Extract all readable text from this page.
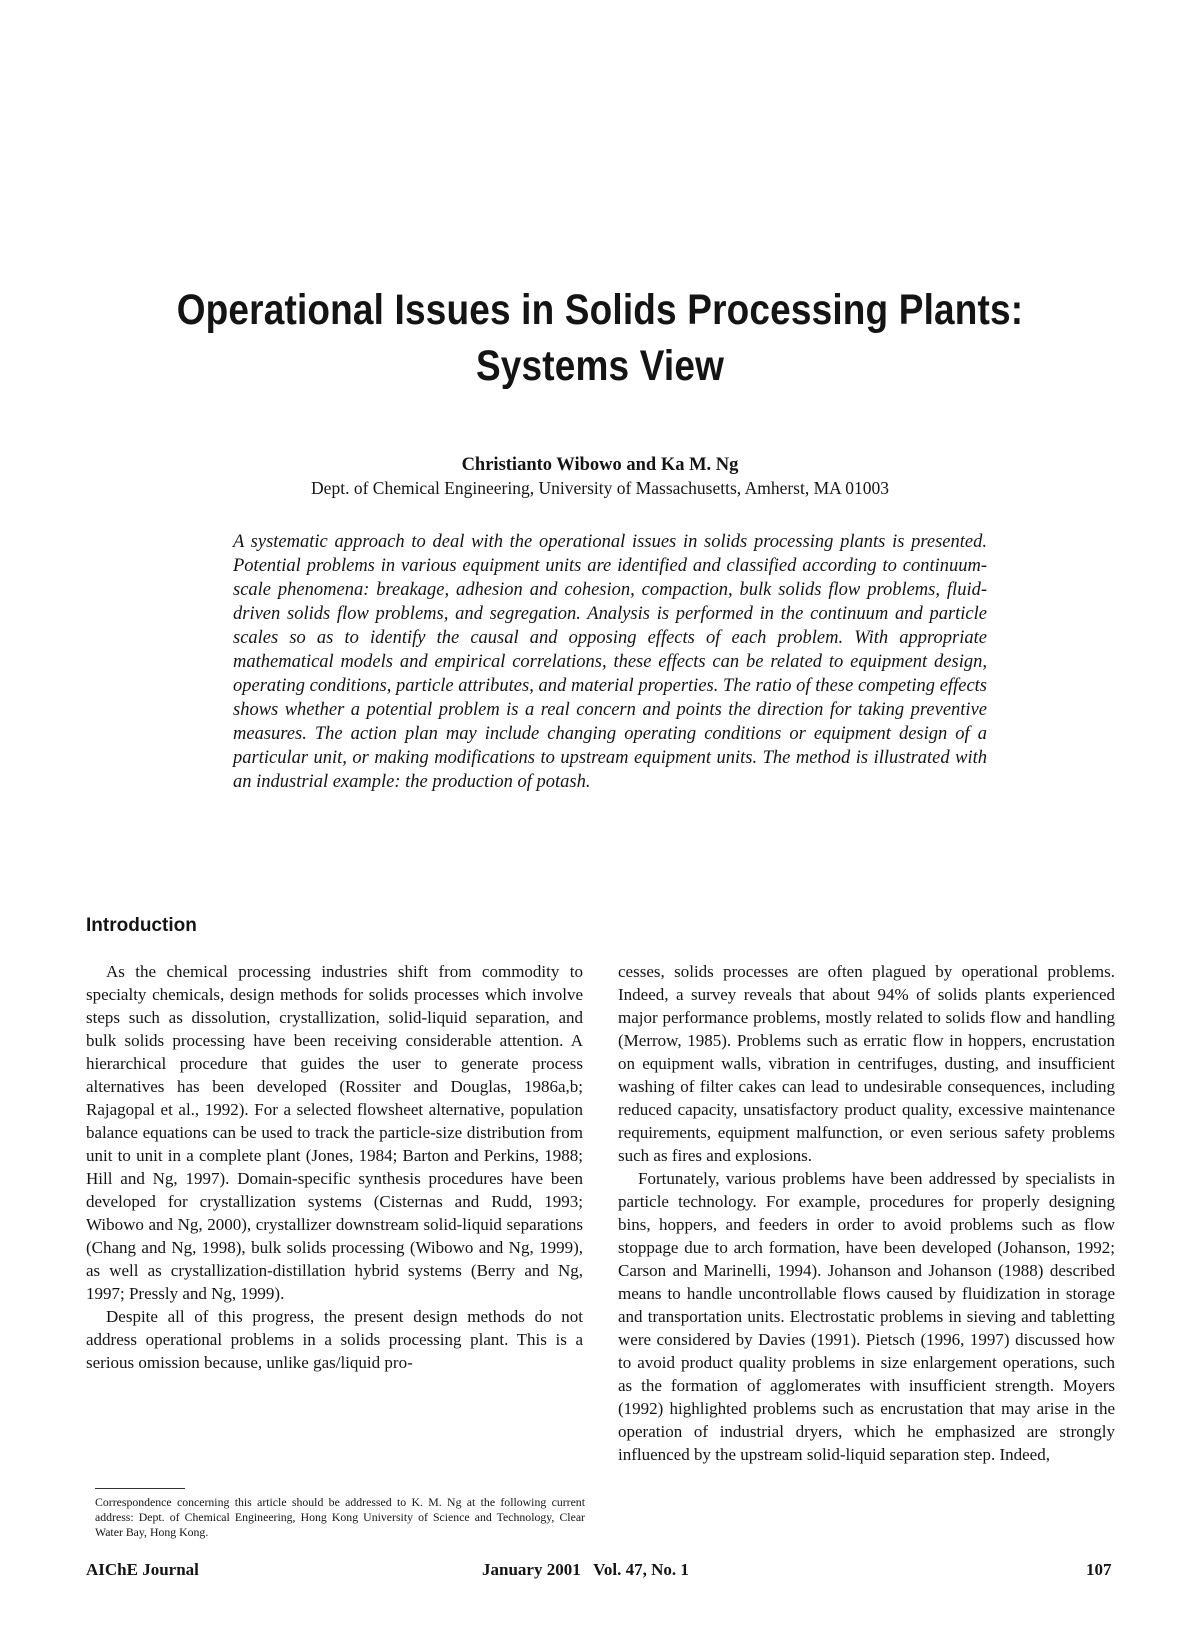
Operational Issues in Solids Processing Plants:
Systems View
Christianto Wibowo and Ka M. Ng
Dept. of Chemical Engineering, University of Massachusetts, Amherst, MA 01003
A systematic approach to deal with the operational issues in solids processing plants is presented. Potential problems in various equipment units are identified and classified according to continuum-scale phenomena: breakage, adhesion and cohesion, compaction, bulk solids flow problems, fluid-driven solids flow problems, and segregation. Analysis is performed in the continuum and particle scales so as to identify the causal and opposing effects of each problem. With appropriate mathematical models and empirical correlations, these effects can be related to equipment design, operating conditions, particle attributes, and material properties. The ratio of these competing effects shows whether a potential problem is a real concern and points the direction for taking preventive measures. The action plan may include changing operating conditions or equipment design of a particular unit, or making modifications to upstream equipment units. The method is illustrated with an industrial example: the production of potash.
Introduction

As the chemical processing industries shift from commodity to specialty chemicals, design methods for solids processes which involve steps such as dissolution, crystallization, solid-liquid separation, and bulk solids processing have been receiving considerable attention. A hierarchical procedure that guides the user to generate process alternatives has been developed (Rossiter and Douglas, 1986a,b; Rajagopal et al., 1992). For a selected flowsheet alternative, population balance equations can be used to track the particle-size distribution from unit to unit in a complete plant (Jones, 1984; Barton and Perkins, 1988; Hill and Ng, 1997). Domain-specific synthesis procedures have been developed for crystallization systems (Cisternas and Rudd, 1993; Wibowo and Ng, 2000), crystallizer downstream solid-liquid separations (Chang and Ng, 1998), bulk solids processing (Wibowo and Ng, 1999), as well as crystallization-distillation hybrid systems (Berry and Ng, 1997; Pressly and Ng, 1999).

Despite all of this progress, the present design methods do not address operational problems in a solids processing plant. This is a serious omission because, unlike gas/liquid pro-

cesses, solids processes are often plagued by operational problems. Indeed, a survey reveals that about 94% of solids plants experienced major performance problems, mostly related to solids flow and handling (Merrow, 1985). Problems such as erratic flow in hoppers, encrustation on equipment walls, vibration in centrifuges, dusting, and insufficient washing of filter cakes can lead to undesirable consequences, including reduced capacity, unsatisfactory product quality, excessive maintenance requirements, equipment malfunction, or even serious safety problems such as fires and explosions.

Fortunately, various problems have been addressed by specialists in particle technology. For example, procedures for properly designing bins, hoppers, and feeders in order to avoid problems such as flow stoppage due to arch formation, have been developed (Johanson, 1992; Carson and Marinelli, 1994). Johanson and Johanson (1988) described means to handle uncontrollable flows caused by fluidization in storage and transportation units. Electrostatic problems in sieving and tabletting were considered by Davies (1991). Pietsch (1996, 1997) discussed how to avoid product quality problems in size enlargement operations, such as the formation of agglomerates with insufficient strength. Moyers (1992) highlighted problems such as encrustation that may arise in the operation of industrial dryers, which he emphasized are strongly influenced by the upstream solid-liquid separation step. Indeed,

Correspondence concerning this article should be addressed to K. M. Ng at the following current address: Dept. of Chemical Engineering, Hong Kong University of Science and Technology, Clear Water Bay, Hong Kong.

AIChE Journal	January 2001   Vol. 47, No. 1	107
